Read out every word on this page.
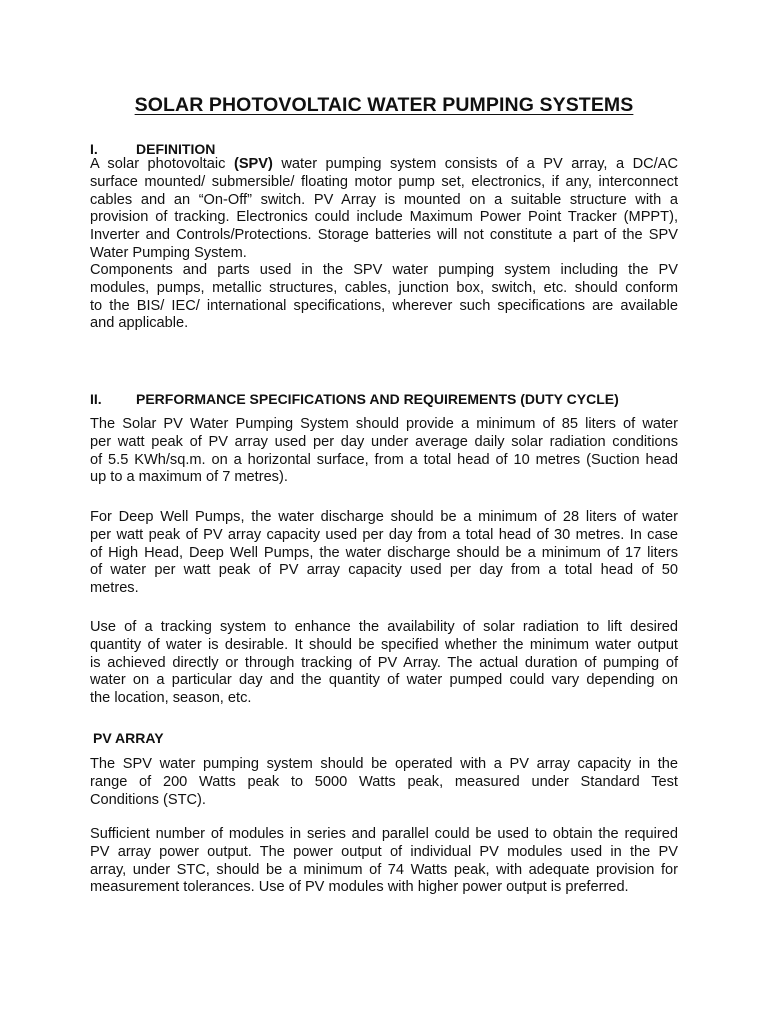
SOLAR PHOTOVOLTAIC WATER PUMPING SYSTEMS
I.	DEFINITION
A solar photovoltaic (SPV) water pumping system consists of a PV array, a DC/AC
surface mounted/ submersible/ floating motor pump set, electronics, if any, interconnect
cables and an “On-Off” switch. PV Array is mounted on a suitable structure with a
provision of tracking. Electronics could include Maximum Power Point Tracker (MPPT),
Inverter and Controls/Protections. Storage batteries will not constitute a part of the SPV
Water Pumping System.
Components and parts used in the SPV water pumping system including the PV
modules, pumps, metallic structures, cables, junction box, switch, etc. should conform
to the BIS/ IEC/ international specifications, wherever such specifications are available
and applicable.
II. PERFORMANCE SPECIFICATIONS AND REQUIREMENTS (DUTY CYCLE)
The Solar PV Water Pumping System should provide a minimum of 85 liters of water
per watt peak of PV array used per day under average daily solar radiation conditions
of 5.5 KWh/sq.m. on a horizontal surface, from a total head of 10 metres (Suction head
up to a maximum of 7 metres).
For Deep Well Pumps, the water discharge should be a minimum of 28 liters of water
per watt peak of PV array capacity used per day from a total head of 30 metres. In case
of High Head, Deep Well Pumps, the water discharge should be a minimum of 17 liters
of water per watt peak of PV array capacity used per day from a total head of 50
metres.
Use of a tracking system to enhance the availability of solar radiation to lift desired
quantity of water is desirable. It should be specified whether the minimum water output
is achieved directly or through tracking of PV Array. The actual duration of pumping of
water on a particular day and the quantity of water pumped could vary depending on
the location, season, etc.
PV ARRAY
The SPV water pumping system should be operated with a PV array capacity in the
range of 200 Watts peak to 5000 Watts peak, measured under Standard Test
Conditions (STC).
Sufficient number of modules in series and parallel could be used to obtain the required
PV array power output. The power output of individual PV modules used in the PV
array, under STC, should be a minimum of 74 Watts peak, with adequate provision for
measurement tolerances. Use of PV modules with higher power output is preferred.
